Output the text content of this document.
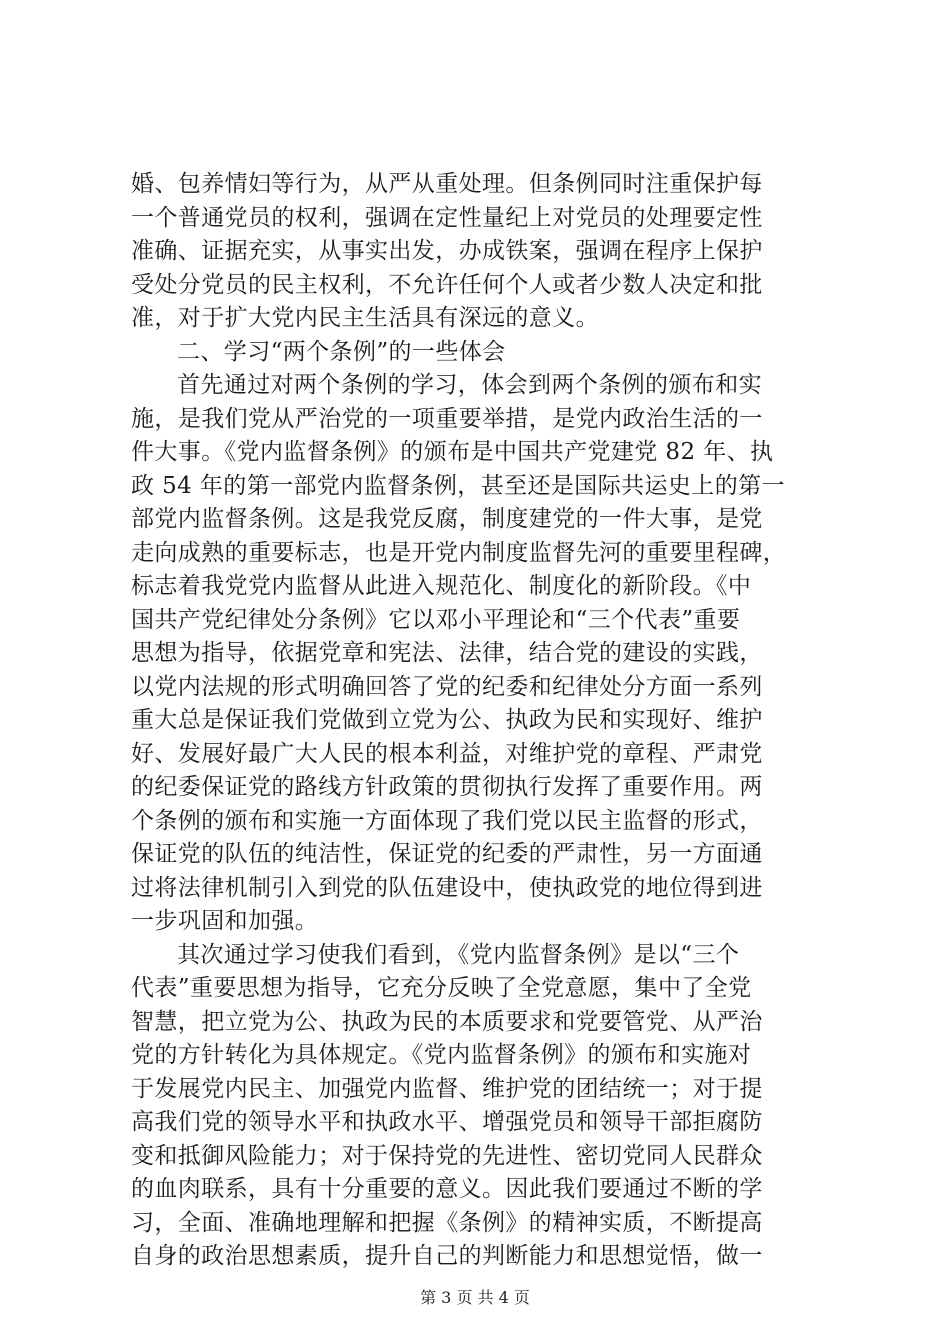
婚、包养情妇等行为，从严从重处理。但条例同时注重保护每
一个普通党员的权利，强调在定性量纪上对党员的处理要定性
准确、证据充实，从事实出发，办成铁案，强调在程序上保护
受处分党员的民主权利，不允许任何个人或者少数人决定和批
准，对于扩大党内民主生活具有深远的意义。
二、学习“两个条例”的一些体会
首先通过对两个条例的学习，体会到两个条例的颁布和实
施，是我们党从严治党的一项重要举措，是党内政治生活的一
件大事。《党内监督条例》的颁布是中国共产党建党 82 年、执
政 54 年的第一部党内监督条例，甚至还是国际共运史上的第一
部党内监督条例。这是我党反腐，制度建党的一件大事，是党
走向成熟的重要标志，也是开党内制度监督先河的重要里程碑，
标志着我党党内监督从此进入规范化、制度化的新阶段。《中
国共产党纪律处分条例》它以邓小平理论和“三个代表”重要
思想为指导，依据党章和宪法、法律，结合党的建设的实践，
以党内法规的形式明确回答了党的纪委和纪律处分方面一系列
重大总是保证我们党做到立党为公、执政为民和实现好、维护
好、发展好最广大人民的根本利益，对维护党的章程、严肃党
的纪委保证党的路线方针政策的贯彻执行发挥了重要作用。两
个条例的颁布和实施一方面体现了我们党以民主监督的形式，
保证党的队伍的纯洁性，保证党的纪委的严肃性，另一方面通
过将法律机制引入到党的队伍建设中，使执政党的地位得到进
一步巩固和加强。
其次通过学习使我们看到，《党内监督条例》是以“三个
代表”重要思想为指导，它充分反映了全党意愿，集中了全党
智慧，把立党为公、执政为民的本质要求和党要管党、从严治
党的方针转化为具体规定。《党内监督条例》的颁布和实施对
于发展党内民主、加强党内监督、维护党的团结统一；对于提
高我们党的领导水平和执政水平、增强党员和领导干部拒腐防
变和抵御风险能力；对于保持党的先进性、密切党同人民群众
的血肉联系，具有十分重要的意义。因此我们要通过不断的学
习，全面、准确地理解和把握《条例》的精神实质，不断提高
自身的政治思想素质，提升自己的判断能力和思想觉悟，做一
第 3 页 共 4 页
